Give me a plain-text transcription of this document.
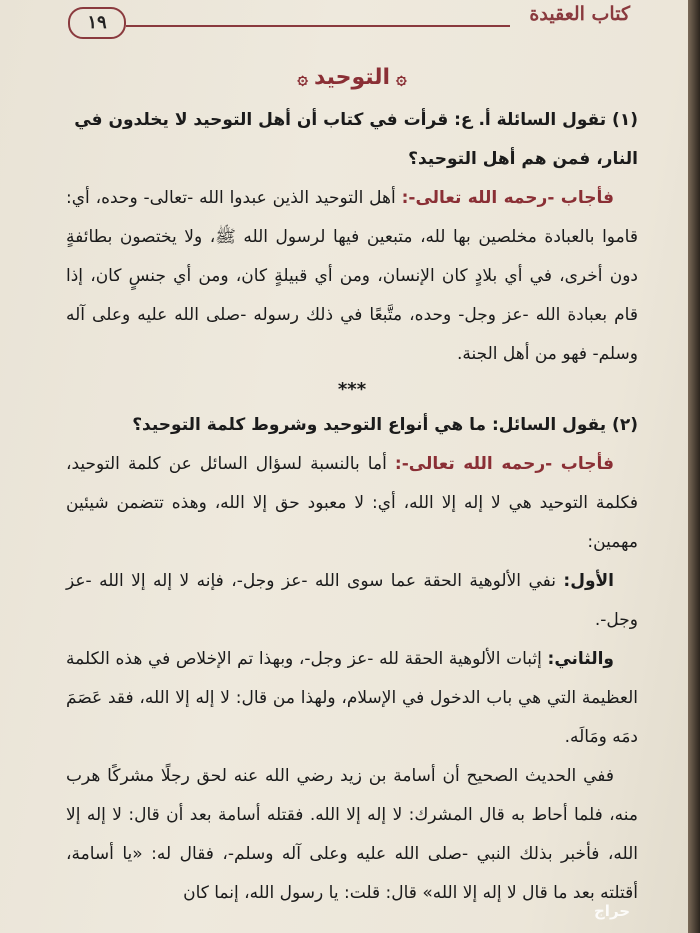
كتاب العقيدة
١٩
۞التوحيد۞

(١) تقول السائلة أ. ع: قرأت في كتاب أن أهل التوحيد لا يخلدون في
النار، فمن هم أهل التوحيد؟

فأجاب -رحمه الله تعالى-: أهل التوحيد الذين عبدوا الله -تعالى- وحده، أي: قاموا بالعبادة مخلصين بها لله، متبعين فيها لرسول الله ﷺ، ولا يختصون بطائفةٍ دون أخرى، في أي بلادٍ كان الإنسان، ومن أي قبيلةٍ كان، ومن أي جنسٍ كان، إذا قام بعبادة الله -عز وجل- وحده، متَّبعًا في ذلك رسوله -صلى الله عليه وعلى آله وسلم- فهو من أهل الجنة.

***

(٢) يقول السائل: ما هي أنواع التوحيد وشروط كلمة التوحيد؟

فأجاب -رحمه الله تعالى-: أما بالنسبة لسؤال السائل عن كلمة التوحيد، فكلمة التوحيد هي لا إله إلا الله، أي: لا معبود حق إلا الله، وهذه تتضمن شيئين مهمين:

الأول: نفي الألوهية الحقة عما سوى الله -عز وجل-، فإنه لا إله إلا الله -عز وجل-.

والثاني: إثبات الألوهية الحقة لله -عز وجل-، وبهذا تم الإخلاص في هذه الكلمة العظيمة التي هي باب الدخول في الإسلام، ولهذا من قال: لا إله إلا الله، فقد عَصَمَ دمَه ومَالَه.

ففي الحديث الصحيح أن أسامة بن زيد رضي الله عنه لحق رجلًا مشركًا هرب منه، فلما أحاط به قال المشرك: لا إله إلا الله. فقتله أسامة بعد أن قال: لا إله إلا الله، فأخبر بذلك النبي -صلى الله عليه وعلى آله وسلم-، فقال له: «يا أسامة، أقتلته بعد ما قال لا إله إلا الله» قال: قلت: يا رسول الله، إنما كان

حراج
